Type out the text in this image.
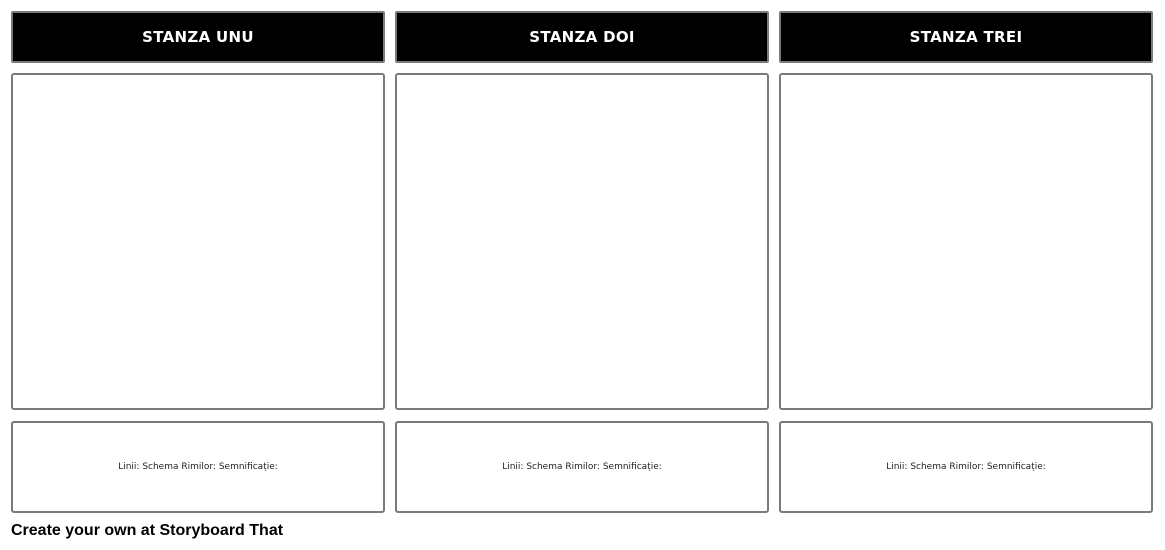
STANZA UNU
Linii: Schema Rimilor: Semnificație:
STANZA DOI
Linii: Schema Rimilor: Semnificație:
STANZA TREI
Linii: Schema Rimilor: Semnificație:
Create your own at Storyboard That
